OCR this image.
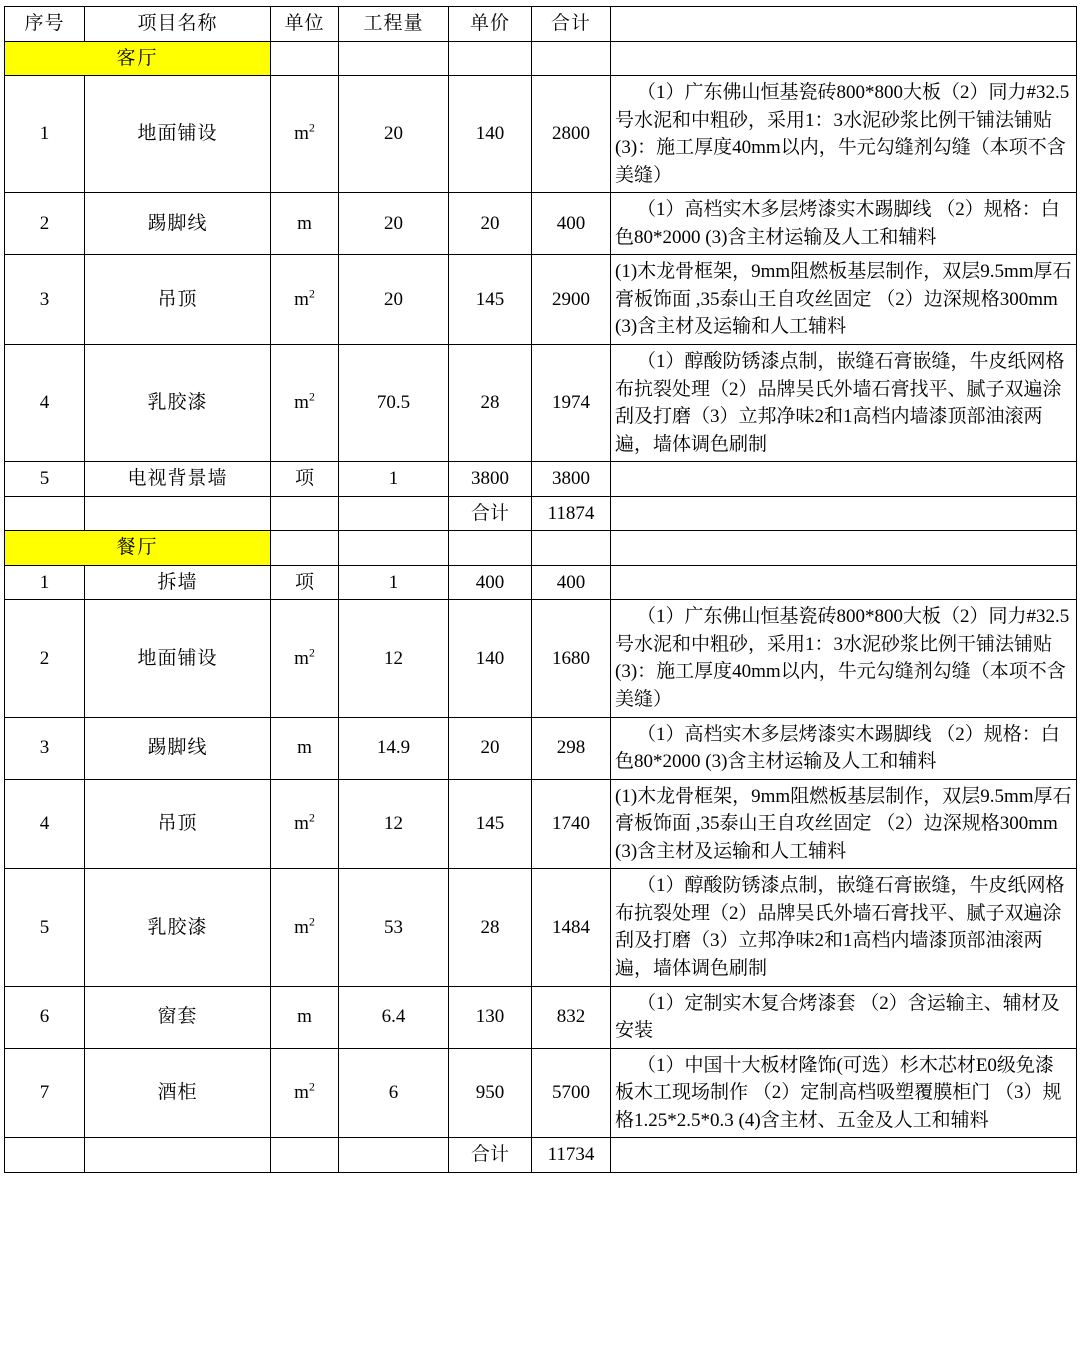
序号	项目名称	单位	工程量	单价	合计	
客厅						
1	地面铺设	$m^2$	20	140	2800	（1）广东佛山恒基瓷砖800*800大板（2）同力#32.5号水泥和中粗砂，采用1：3水泥砂浆比例干铺法铺贴(3)：施工厚度40mm以内，牛元勾缝剂勾缝（本项不含美缝）
2	踢脚线	m	20	20	400	（1）高档实木多层烤漆实木踢脚线 （2）规格：白色80*2000 (3)含主材运输及人工和辅料
3	吊顶	$m^2$	20	145	2900	(1)木龙骨框架，9mm阻燃板基层制作，双层9.5mm厚石膏板饰面 ,35泰山王自攻丝固定 （2）边深规格300mm (3)含主材及运输和人工辅料
4	乳胶漆	$m^2$	70.5	28	1974	（1）醇酸防锈漆点制，嵌缝石膏嵌缝，牛皮纸网格布抗裂处理（2）品牌吴氏外墙石膏找平、腻子双遍涂刮及打磨（3）立邦净味2和1高档内墙漆顶部油滚两遍，墙体调色刷制
5	电视背景墙	项	1	3800	3800	
				合计	11874	
餐厅						
1	拆墙	项	1	400	400	
2	地面铺设	$m^2$	12	140	1680	（1）广东佛山恒基瓷砖800*800大板（2）同力#32.5号水泥和中粗砂，采用1：3水泥砂浆比例干铺法铺贴(3)：施工厚度40mm以内，牛元勾缝剂勾缝（本项不含美缝）
3	踢脚线	m	14.9	20	298	（1）高档实木多层烤漆实木踢脚线 （2）规格：白色80*2000 (3)含主材运输及人工和辅料
4	吊顶	$m^2$	12	145	1740	(1)木龙骨框架，9mm阻燃板基层制作，双层9.5mm厚石膏板饰面 ,35泰山王自攻丝固定 （2）边深规格300mm (3)含主材及运输和人工辅料
5	乳胶漆	$m^2$	53	28	1484	（1）醇酸防锈漆点制，嵌缝石膏嵌缝，牛皮纸网格布抗裂处理（2）品牌吴氏外墙石膏找平、腻子双遍涂刮及打磨（3）立邦净味2和1高档内墙漆顶部油滚两遍，墙体调色刷制
6	窗套	m	6.4	130	832	（1）定制实木复合烤漆套 （2）含运输主、辅材及安装
7	酒柜	$m^2$	6	950	5700	（1）中国十大板材隆饰(可选）杉木芯材E0级免漆板木工现场制作 （2）定制高档吸塑覆膜柜门 （3）规格1.25*2.5*0.3 (4)含主材、五金及人工和辅料
				合计	11734	
